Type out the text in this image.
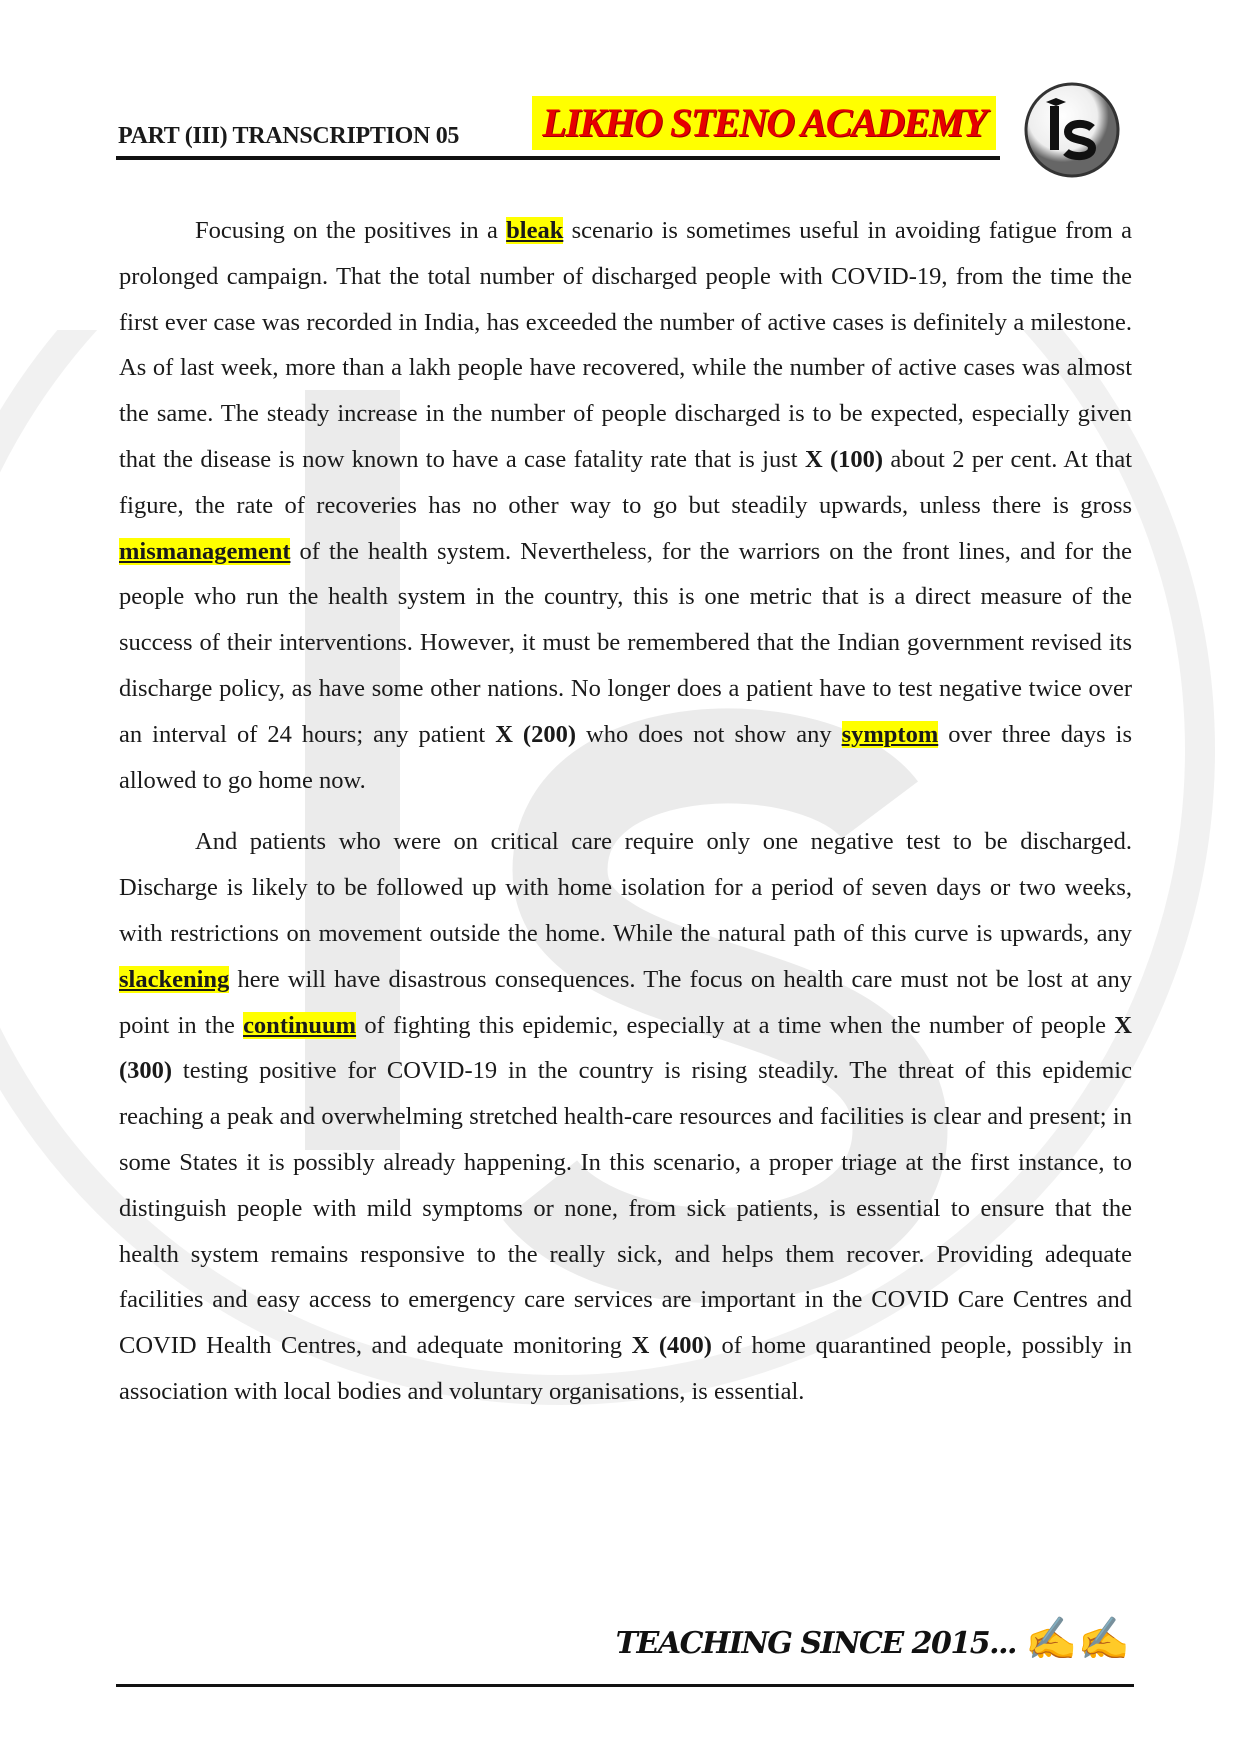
PART (III) TRANSCRIPTION 05 LIKHO STENO ACADEMY

Focusing on the positives in a bleak scenario is sometimes useful in avoiding fatigue from a prolonged campaign. That the total number of discharged people with COVID-19, from the time the first ever case was recorded in India, has exceeded the number of active cases is definitely a milestone. As of last week, more than a lakh people have recovered, while the number of active cases was almost the same. The steady increase in the number of people discharged is to be expected, especially given that the disease is now known to have a case fatality rate that is just X (100) about 2 per cent. At that figure, the rate of recoveries has no other way to go but steadily upwards, unless there is gross mismanagement of the health system. Nevertheless, for the warriors on the front lines, and for the people who run the health system in the country, this is one metric that is a direct measure of the success of their interventions. However, it must be remembered that the Indian government revised its discharge policy, as have some other nations. No longer does a patient have to test negative twice over an interval of 24 hours; any patient X (200) who does not show any symptom over three days is allowed to go home now.

And patients who were on critical care require only one negative test to be discharged. Discharge is likely to be followed up with home isolation for a period of seven days or two weeks, with restrictions on movement outside the home. While the natural path of this curve is upwards, any slackening here will have disastrous consequences. The focus on health care must not be lost at any point in the continuum of fighting this epidemic, especially at a time when the number of people X (300) testing positive for COVID-19 in the country is rising steadily. The threat of this epidemic reaching a peak and overwhelming stretched health-care resources and facilities is clear and present; in some States it is possibly already happening. In this scenario, a proper triage at the first instance, to distinguish people with mild symptoms or none, from sick patients, is essential to ensure that the health system remains responsive to the really sick, and helps them recover. Providing adequate facilities and easy access to emergency care services are important in the COVID Care Centres and COVID Health Centres, and adequate monitoring X (400) of home quarantined people, possibly in association with local bodies and voluntary organisations, is essential.

TEACHING SINCE 2015... ✍✍
